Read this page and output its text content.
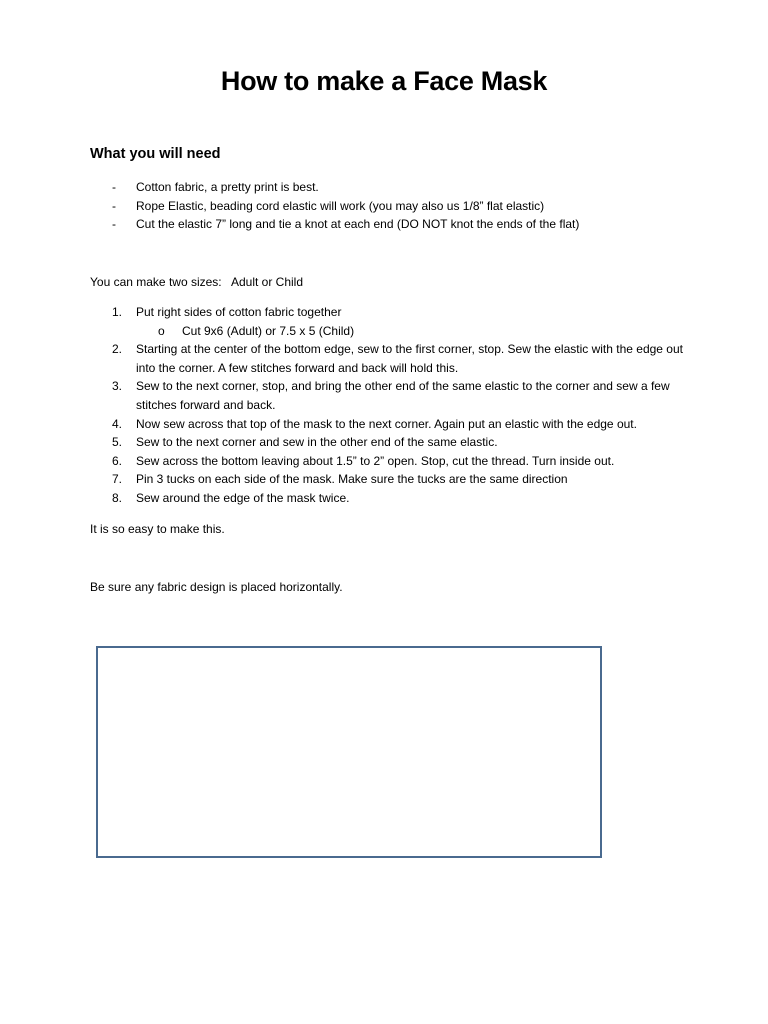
How to make a Face Mask
What you will need
- Cotton fabric, a pretty print is best.
- Rope Elastic, beading cord elastic will work (you may also us 1/8” flat elastic)
- Cut the elastic 7” long and tie a knot at each end (DO NOT knot the ends of the flat)
You can make two sizes:   Adult or Child
1. Put right sides of cotton fabric together
o Cut 9x6 (Adult) or 7.5 x 5 (Child)
2. Starting at the center of the bottom edge, sew to the first corner, stop. Sew the elastic with the edge out into the corner. A few stitches forward and back will hold this.
3. Sew to the next corner, stop, and bring the other end of the same elastic to the corner and sew a few stitches forward and back.
4. Now sew across that top of the mask to the next corner. Again put an elastic with the edge out.
5. Sew to the next corner and sew in the other end of the same elastic.
6. Sew across the bottom leaving about 1.5” to 2” open. Stop, cut the thread. Turn inside out.
7. Pin 3 tucks on each side of the mask. Make sure the tucks are the same direction
8. Sew around the edge of the mask twice.
It is so easy to make this.
Be sure any fabric design is placed horizontally.
